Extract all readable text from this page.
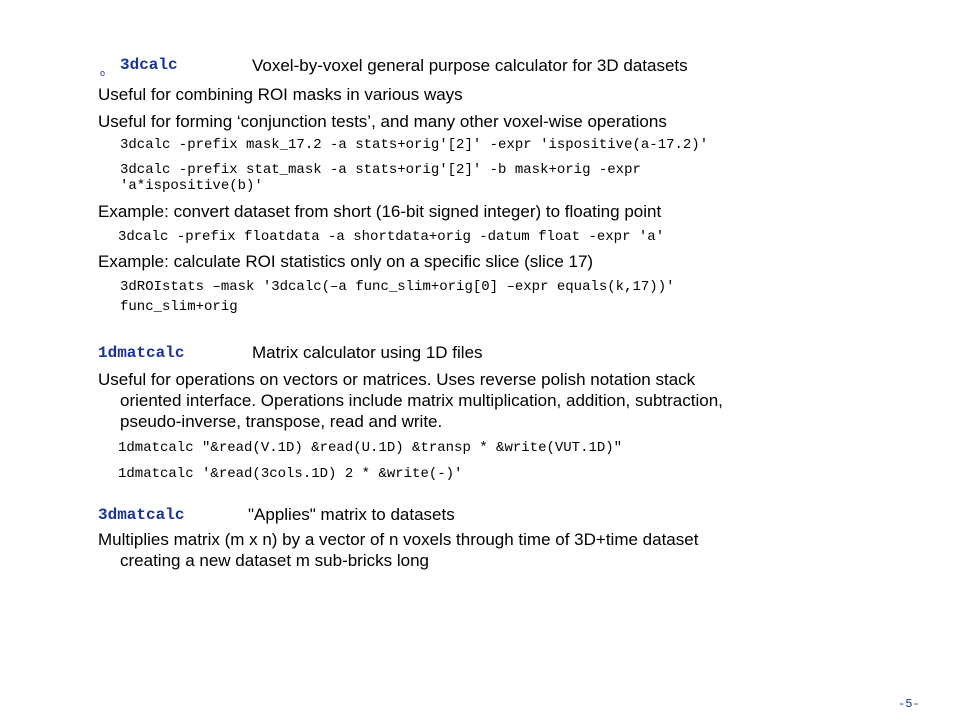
o 3dcalc	Voxel-by-voxel general purpose calculator for 3D datasets
Useful for combining ROI masks in various ways
Useful for forming ‘conjunction tests’, and many other voxel-wise operations
3dcalc -prefix mask_17.2 -a stats+orig'[2]' -expr 'ispositive(a-17.2)'
3dcalc -prefix stat_mask -a stats+orig'[2]' -b mask+orig -expr
'a*ispositive(b)'
Example: convert dataset from short (16-bit signed integer) to floating point
3dcalc -prefix floatdata -a shortdata+orig -datum float -expr 'a'
Example: calculate ROI statistics only on a specific slice (slice 17)
3dROIstats –mask '3dcalc(–a func_slim+orig[0] –expr equals(k,17))'
func_slim+orig
1dmatcalc	Matrix calculator using 1D files
Useful for operations on vectors or matrices. Uses reverse polish notation stack
oriented interface. Operations include matrix multiplication, addition, subtraction,
pseudo-inverse, transpose, read and write.
1dmatcalc "&read(V.1D) &read(U.1D) &transp * &write(VUT.1D)"
1dmatcalc '&read(3cols.1D) 2 * &write(-)'
3dmatcalc	"Applies" matrix to datasets
Multiplies matrix (m x n) by a vector of n voxels through time of 3D+time dataset
creating a new dataset m sub-bricks long
-5-
